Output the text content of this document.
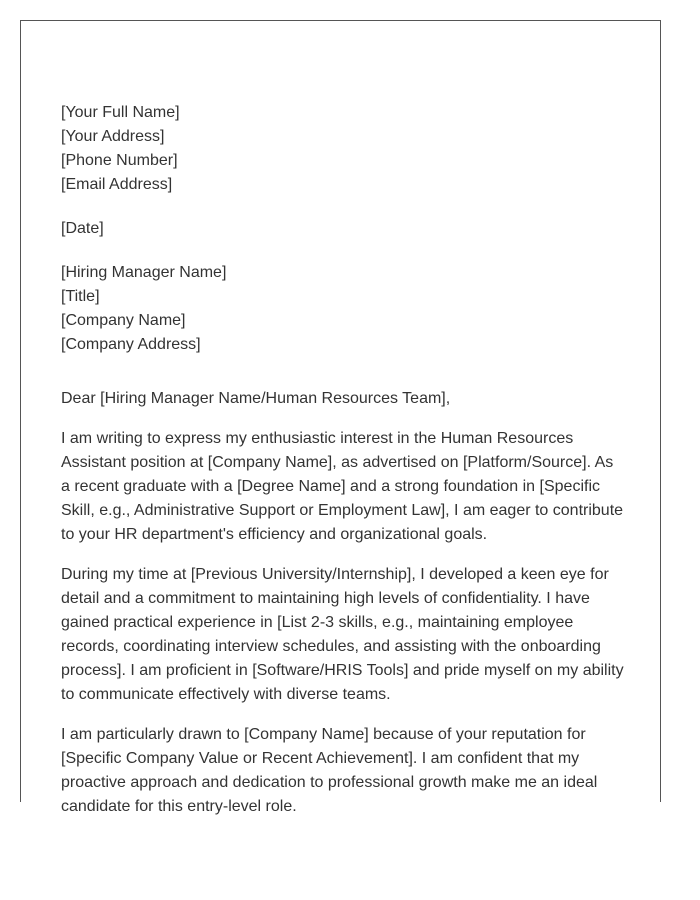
[Your Full Name]
[Your Address]
[Phone Number]
[Email Address]
[Date]
[Hiring Manager Name]
[Title]
[Company Name]
[Company Address]

Dear [Hiring Manager Name/Human Resources Team],

I am writing to express my enthusiastic interest in the Human Resources Assistant position at [Company Name], as advertised on [Platform/Source]. As a recent graduate with a [Degree Name] and a strong foundation in [Specific Skill, e.g., Administrative Support or Employment Law], I am eager to contribute to your HR department's efficiency and organizational goals.

During my time at [Previous University/Internship], I developed a keen eye for detail and a commitment to maintaining high levels of confidentiality. I have gained practical experience in [List 2-3 skills, e.g., maintaining employee records, coordinating interview schedules, and assisting with the onboarding process]. I am proficient in [Software/HRIS Tools] and pride myself on my ability to communicate effectively with diverse teams.

I am particularly drawn to [Company Name] because of your reputation for [Specific Company Value or Recent Achievement]. I am confident that my proactive approach and dedication to professional growth make me an ideal candidate for this entry-level role.
